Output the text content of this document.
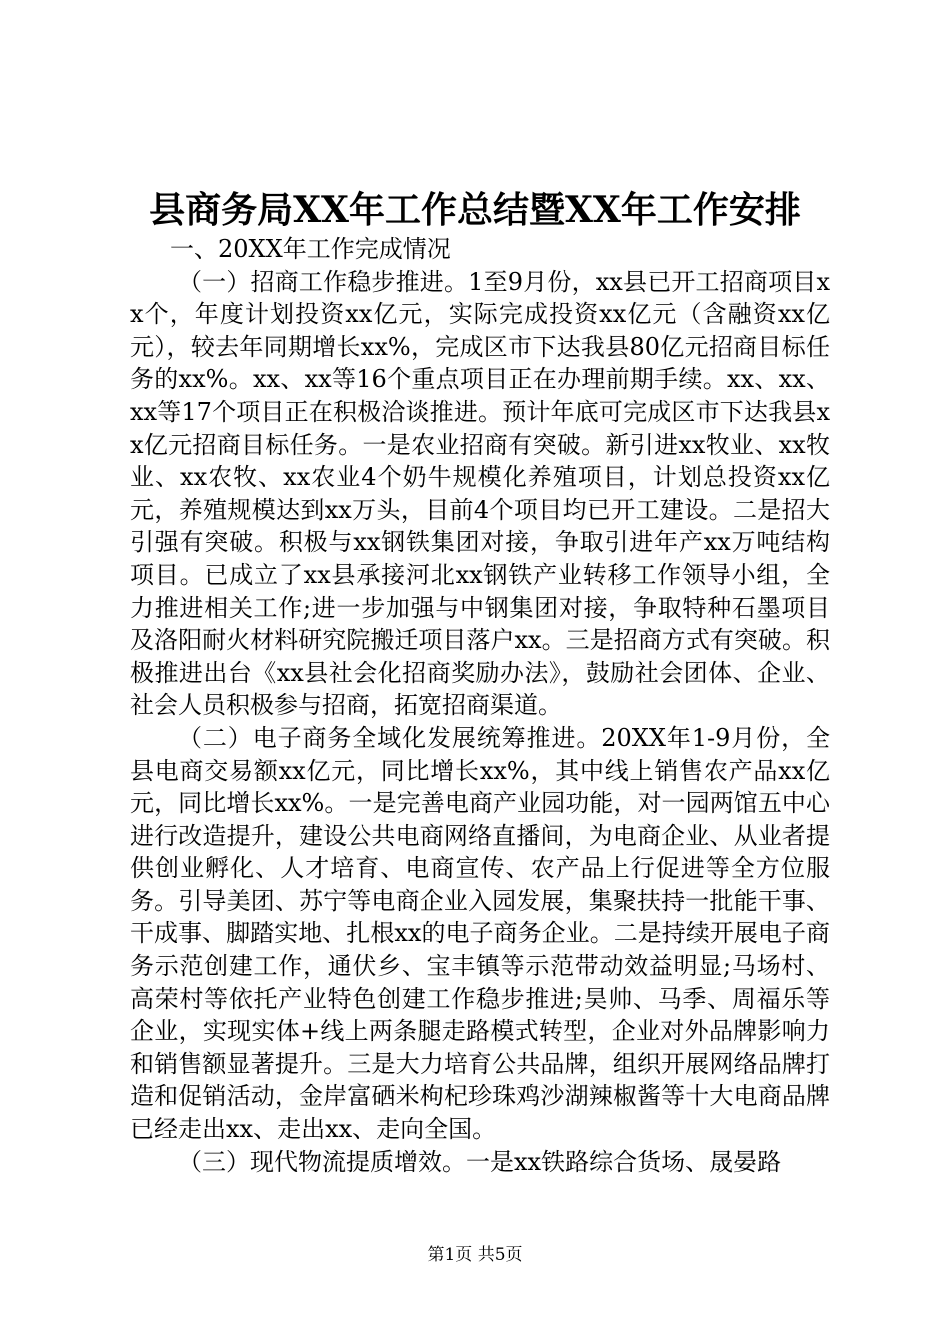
县商务局XX年工作总结暨XX年工作安排

一、20XX年工作完成情况

（一）招商工作稳步推进。1至9月份，xx县已开工招商项目xx个，年度计划投资xx亿元，实际完成投资xx亿元（含融资xx亿元），较去年同期增长xx%，完成区市下达我县80亿元招商目标任务的xx%。xx、xx等16个重点项目正在办理前期手续。xx、xx、xx等17个项目正在积极洽谈推进。预计年底可完成区市下达我县xx亿元招商目标任务。一是农业招商有突破。新引进xx牧业、xx牧业、xx农牧、xx农业4个奶牛规模化养殖项目，计划总投资xx亿元，养殖规模达到xx万头，目前4个项目均已开工建设。二是招大引强有突破。积极与xx钢铁集团对接，争取引进年产xx万吨结构项目。已成立了xx县承接河北xx钢铁产业转移工作领导小组，全力推进相关工作;进一步加强与中钢集团对接，争取特种石墨项目及洛阳耐火材料研究院搬迁项目落户xx。三是招商方式有突破。积极推进出台《xx县社会化招商奖励办法》，鼓励社会团体、企业、社会人员积极参与招商，拓宽招商渠道。

（二）电子商务全域化发展统筹推进。20XX年1-9月份，全县电商交易额xx亿元，同比增长xx%，其中线上销售农产品xx亿元，同比增长xx%。一是完善电商产业园功能，对一园两馆五中心进行改造提升，建设公共电商网络直播间，为电商企业、从业者提供创业孵化、人才培育、电商宣传、农产品上行促进等全方位服务。引导美团、苏宁等电商企业入园发展，集聚扶持一批能干事、干成事、脚踏实地、扎根xx的电子商务企业。二是持续开展电子商务示范创建工作，通伏乡、宝丰镇等示范带动效益明显;马场村、高荣村等依托产业特色创建工作稳步推进;昊帅、马季、周福乐等企业，实现实体+线上两条腿走路模式转型，企业对外品牌影响力和销售额显著提升。三是大力培育公共品牌，组织开展网络品牌打造和促销活动，金岸富硒米枸杞珍珠鸡沙湖辣椒酱等十大电商品牌已经走出xx、走出xx、走向全国。

（三）现代物流提质增效。一是xx铁路综合货场、晟晏路

第1页 共5页
